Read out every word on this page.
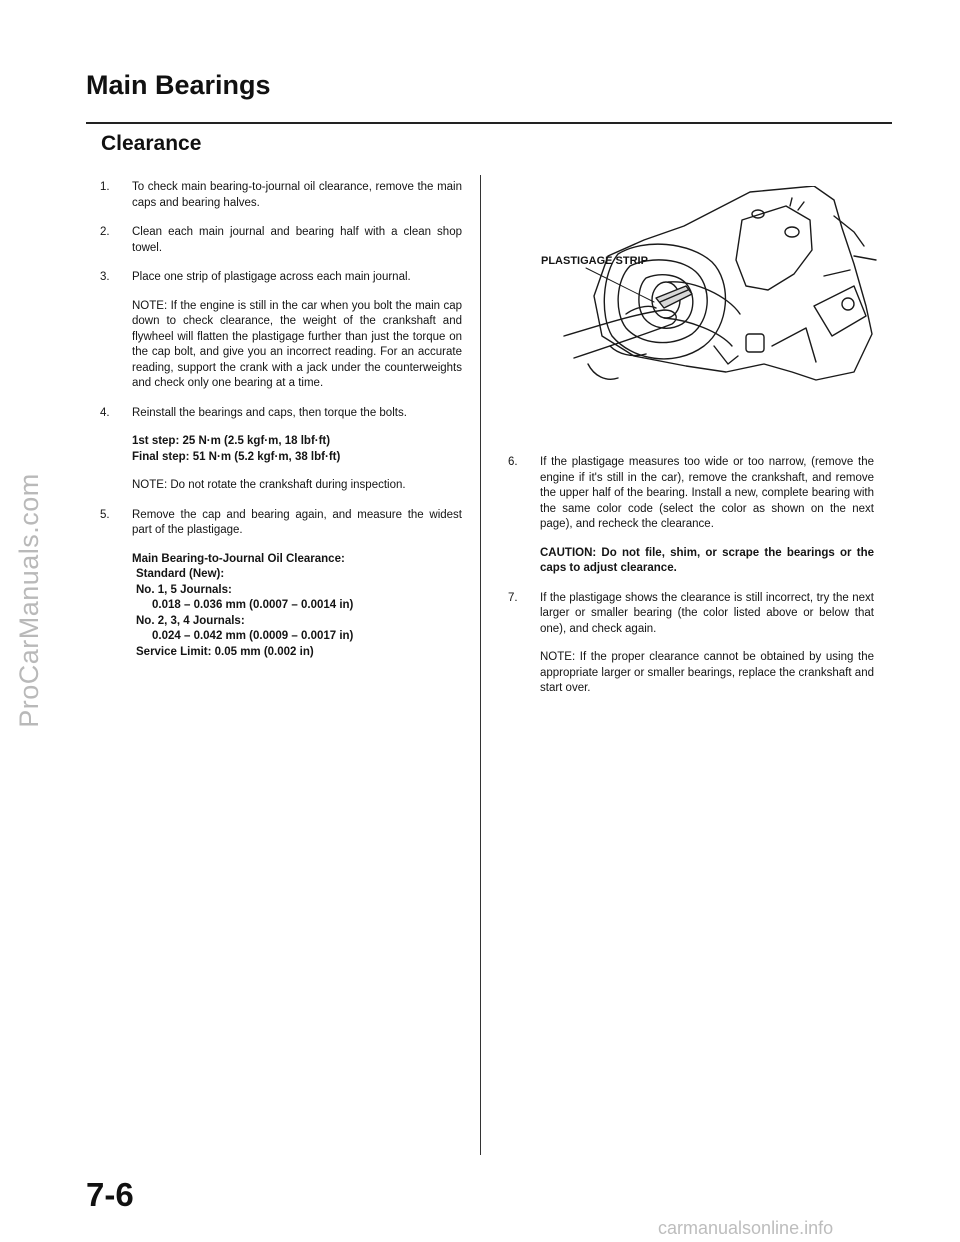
ProCarManuals.com
Main Bearings
Clearance
1.	To check main bearing-to-journal oil clearance, remove the main caps and bearing halves.

2.	Clean each main journal and bearing half with a clean shop towel.

3.	Place one strip of plastigage across each main journal.

NOTE: If the engine is still in the car when you bolt the main cap down to check clearance, the weight of the crankshaft and flywheel will flatten the plastigage further than just the torque on the cap bolt, and give you an incorrect reading. For an accurate reading, support the crank with a jack under the counterweights and check only one bearing at a time.

4.	Reinstall the bearings and caps, then torque the bolts.

1st step: 25 N·m (2.5 kgf·m, 18 lbf·ft)

Final step: 51 N·m (5.2 kgf·m, 38 lbf·ft)

NOTE: Do not rotate the crankshaft during inspection.

5.	Remove the cap and bearing again, and measure the widest part of the plastigage.

Main Bearing-to-Journal Oil Clearance:

Standard (New):

No. 1, 5 Journals:

0.018 – 0.036 mm (0.0007 – 0.0014 in)

No. 2, 3, 4 Journals:

0.024 – 0.042 mm (0.0009 – 0.0017 in)

Service Limit: 0.05 mm (0.002 in)

PLASTIGAGE STRIP
6.	If the plastigage measures too wide or too narrow, (remove the engine if it's still in the car), remove the crankshaft, and remove the upper half of the bearing. Install a new, complete bearing with the same color code (select the color as shown on the next page), and recheck the clearance.

CAUTION: Do not file, shim, or scrape the bearings or the caps to adjust clearance.

7.	If the plastigage shows the clearance is still incorrect, try the next larger or smaller bearing (the color listed above or below that one), and check again.

NOTE: If the proper clearance cannot be obtained by using the appropriate larger or smaller bearings, replace the crankshaft and start over.

7-6
carmanualsonline.info
